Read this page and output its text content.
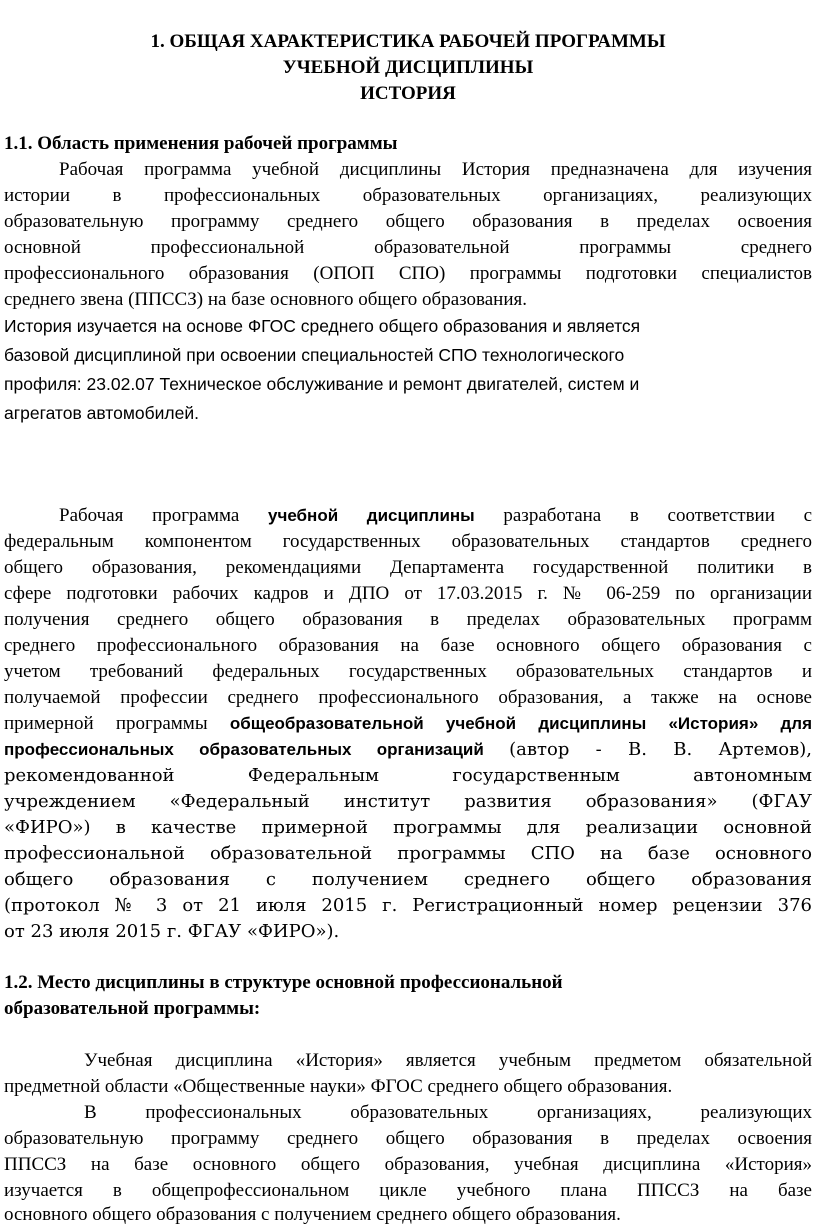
1. ОБЩАЯ ХАРАКТЕРИСТИКА РАБОЧЕЙ ПРОГРАММЫ
УЧЕБНОЙ ДИСЦИПЛИНЫ
ИСТОРИЯ
1.1. Область применения рабочей программы
Рабочая программа учебной дисциплины История предназначена для изучения
истории в профессиональных образовательных организациях, реализующих
образовательную программу среднего общего образования в пределах освоения
основной профессиональной образовательной программы среднего
профессионального образования (ОПОП СПО) программы подготовки специалистов
среднего звена (ППССЗ) на базе основного общего образования.
История изучается на основе ФГОС среднего общего образования и является
базовой дисциплиной при освоении специальностей СПО технологического
профиля: 23.02.07 Техническое обслуживание и ремонт двигателей, систем и
агрегатов автомобилей.
Рабочая программа учебной дисциплины разработана в соответствии с
федеральным компонентом государственных образовательных стандартов среднего
общего образования, рекомендациями Департамента государственной политики в
сфере подготовки рабочих кадров и ДПО от 17.03.2015 г. № 06-259 по организации
получения среднего общего образования в пределах образовательных программ
среднего профессионального образования на базе основного общего образования с
учетом требований федеральных государственных образовательных стандартов и
получаемой профессии среднего профессионального образования, а также на основе
примерной программы общеобразовательной учебной дисциплины «История» для
профессиональных образовательных организаций (автор - В. В. Артемов),
рекомендованной Федеральным государственным автономным
учреждением «Федеральный институт развития образования» (ФГАУ
«ФИРО») в качестве примерной программы для реализации основной
профессиональной образовательной программы СПО на базе основного
общего образования с получением среднего общего образования
(протокол № 3 от 21 июля 2015 г. Регистрационный номер рецензии 376
от 23 июля 2015 г. ФГАУ «ФИРО»).
1.2. Место дисциплины в структуре основной профессиональной
образовательной программы:
Учебная дисциплина «История» является учебным предметом обязательной
предметной области «Общественные науки» ФГОС среднего общего образования.
В профессиональных образовательных организациях, реализующих
образовательную программу среднего общего образования в пределах освоения
ППССЗ на базе основного общего образования, учебная дисциплина «История»
изучается в общепрофессиональном цикле учебного плана ППССЗ на базе
основного общего образования с получением среднего общего образования.
